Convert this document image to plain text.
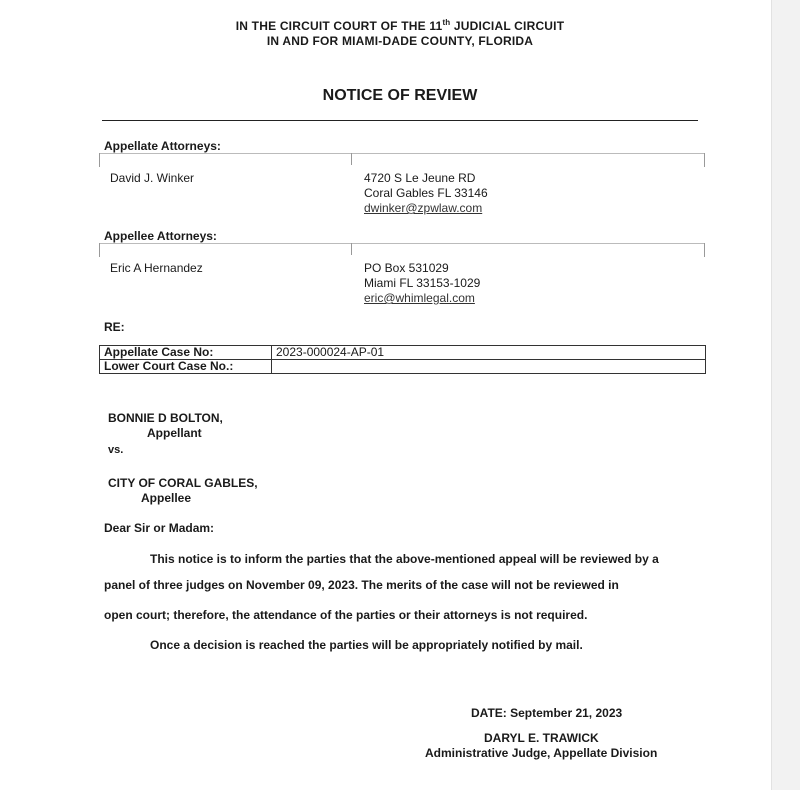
IN THE CIRCUIT COURT OF THE 11th JUDICIAL CIRCUIT
IN AND FOR MIAMI-DADE COUNTY, FLORIDA
NOTICE OF REVIEW
Appellate Attorneys:
David J. Winker	4720 S Le Jeune RD
Coral Gables FL 33146
dwinker@zpwlaw.com
Appellee Attorneys:
Eric A Hernandez	PO Box 531029
Miami FL 33153-1029
eric@whimlegal.com
RE:
Appellate Case No:	2023-000024-AP-01
Lower Court Case No.:	
BONNIE D BOLTON,
Appellant
vs.
CITY OF CORAL GABLES,
Appellee
Dear Sir or Madam:
This notice is to inform the parties that the above-mentioned appeal will be reviewed by a
panel of three judges on November 09, 2023. The merits of the case will not be reviewed in
open court; therefore, the attendance of the parties or their attorneys is not required.
Once a decision is reached the parties will be appropriately notified by mail.
DATE: September 21, 2023
DARYL E. TRAWICK
Administrative Judge, Appellate Division
